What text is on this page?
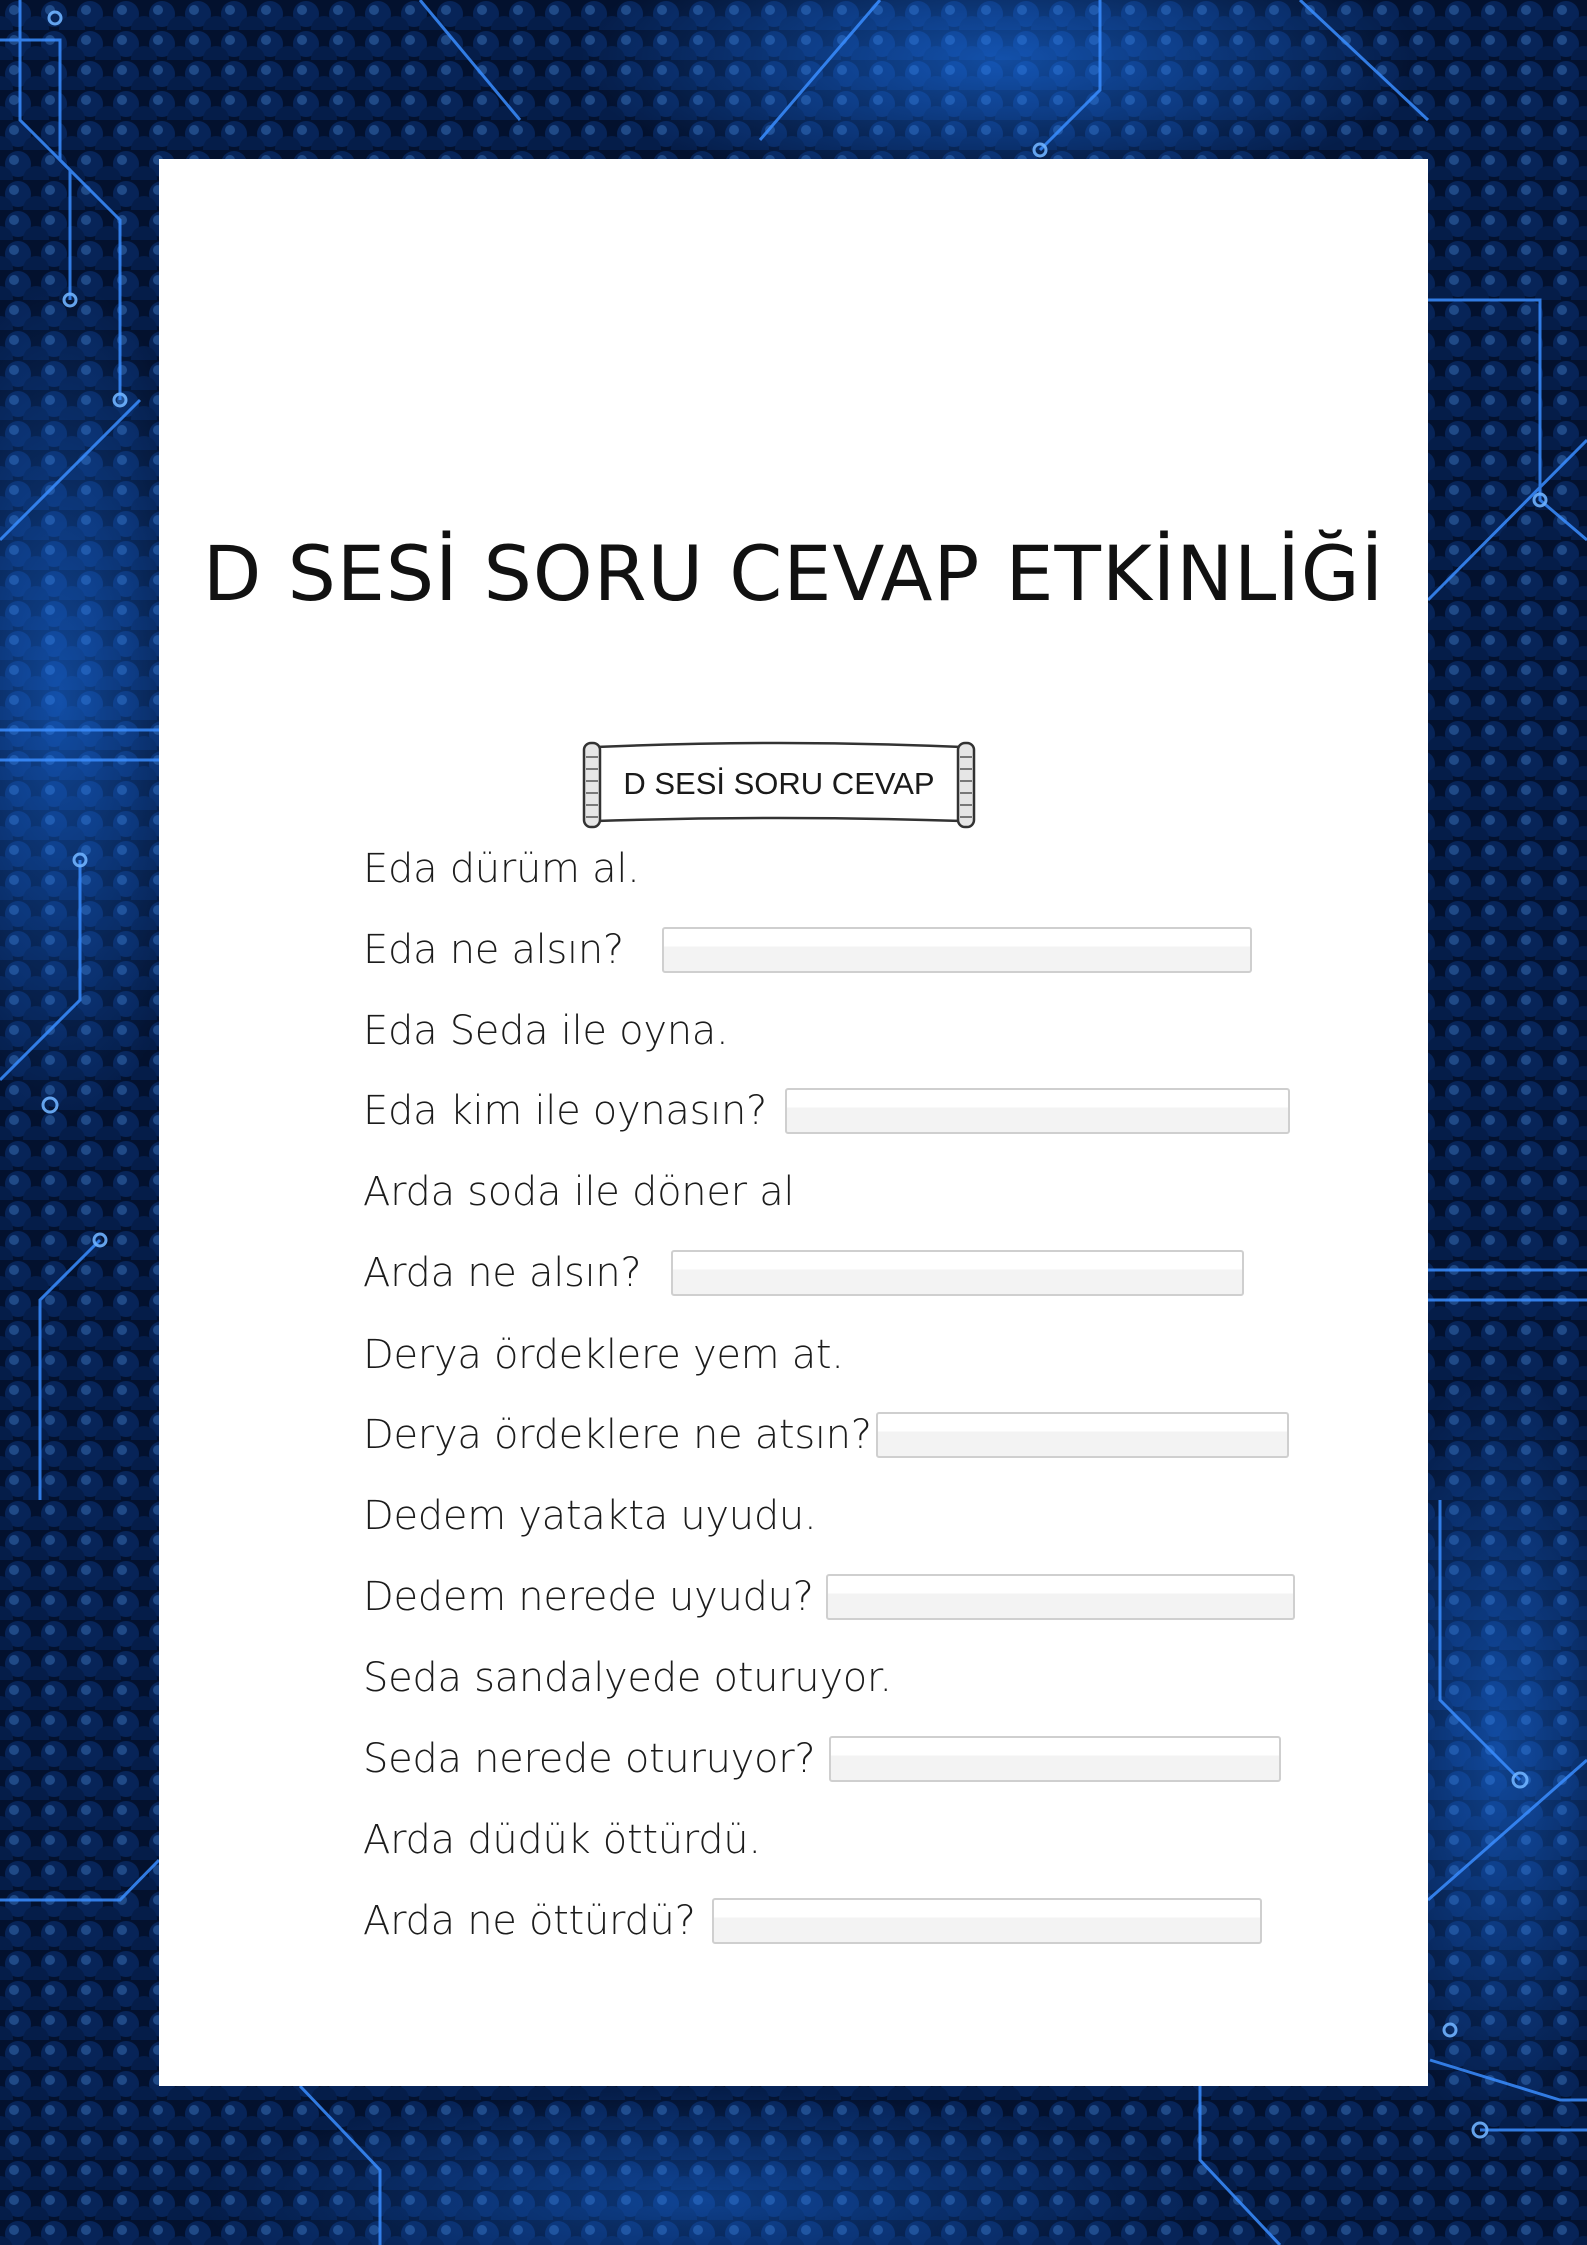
D SESİ SORU CEVAP ETKİNLİĞİ
D SESİ SORU CEVAP
Eda dürüm al.
Eda ne alsın?
Eda Seda ile oyna.
Eda kim ile oynasın?
Arda soda ile döner al
Arda ne alsın?
Derya ördeklere yem at.
Derya ördeklere ne atsın?
Dedem yatakta uyudu.
Dedem nerede uyudu?
Seda sandalyede oturuyor.
Seda nerede oturuyor?
Arda düdük öttürdü.
Arda ne öttürdü?
